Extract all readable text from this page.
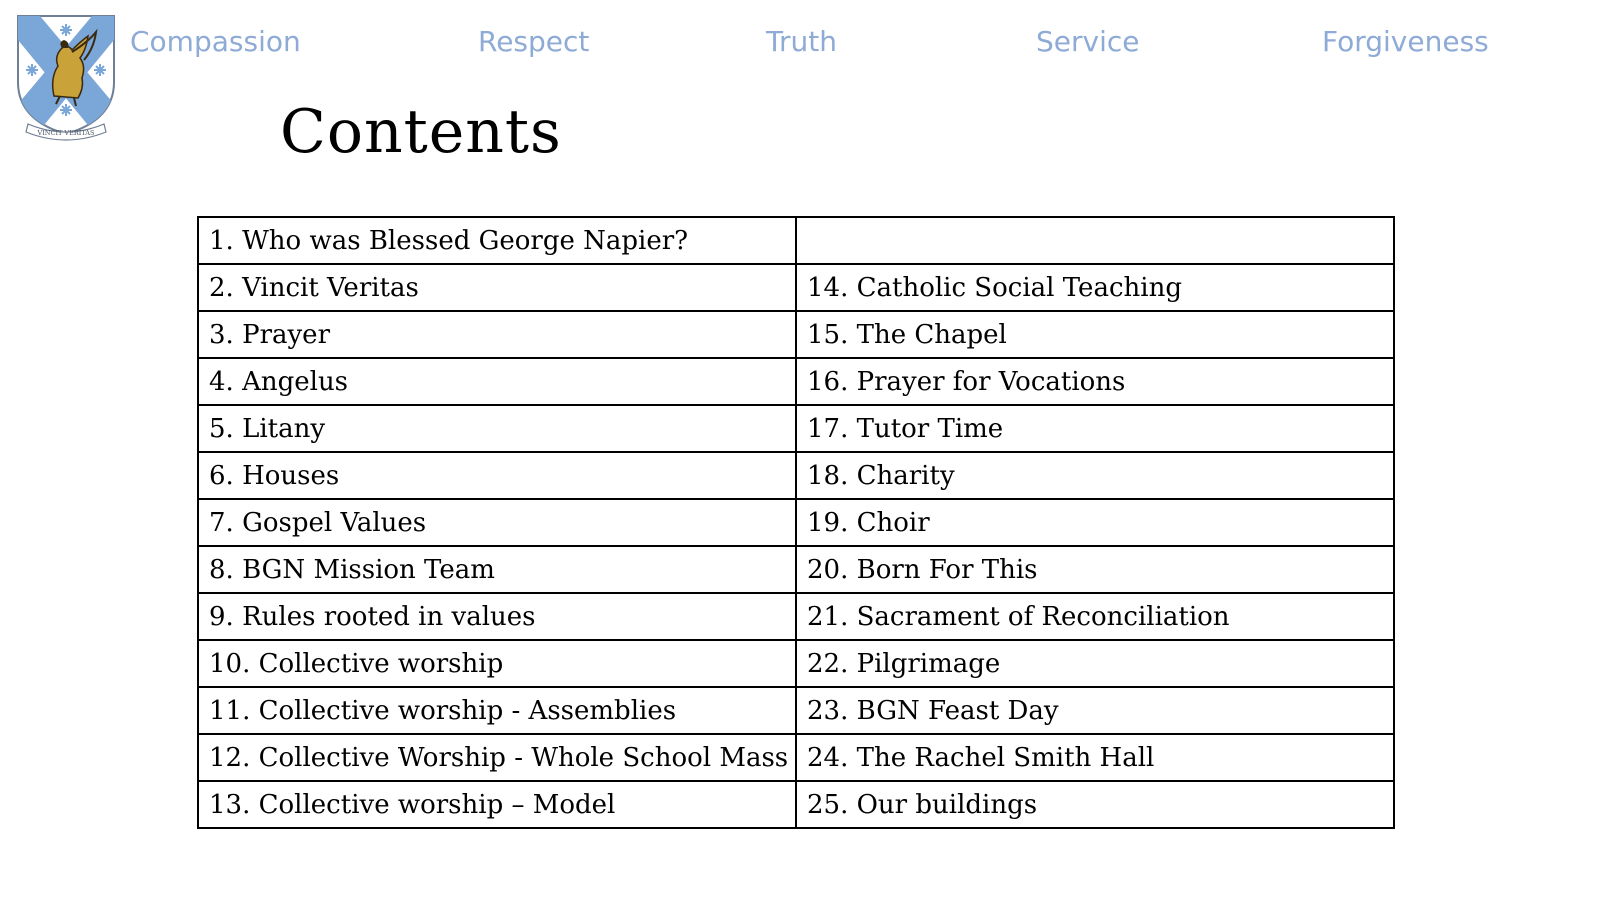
VINCIT VERITAS
Compassion	Respect	Truth	Service	Forgiveness
Contents
1. Who was Blessed George Napier?	
2. Vincit Veritas	14. Catholic Social Teaching
3. Prayer	15. The Chapel
4. Angelus	16. Prayer for Vocations
5. Litany	17. Tutor Time
6. Houses	18. Charity
7. Gospel Values	19. Choir
8. BGN Mission Team	20. Born For This
9. Rules rooted in values	21. Sacrament of Reconciliation
10. Collective worship	22. Pilgrimage
11. Collective worship - Assemblies	23. BGN Feast Day
12. Collective Worship - Whole School Mass	24. The Rachel Smith Hall
13. Collective worship – Model	25. Our buildings
